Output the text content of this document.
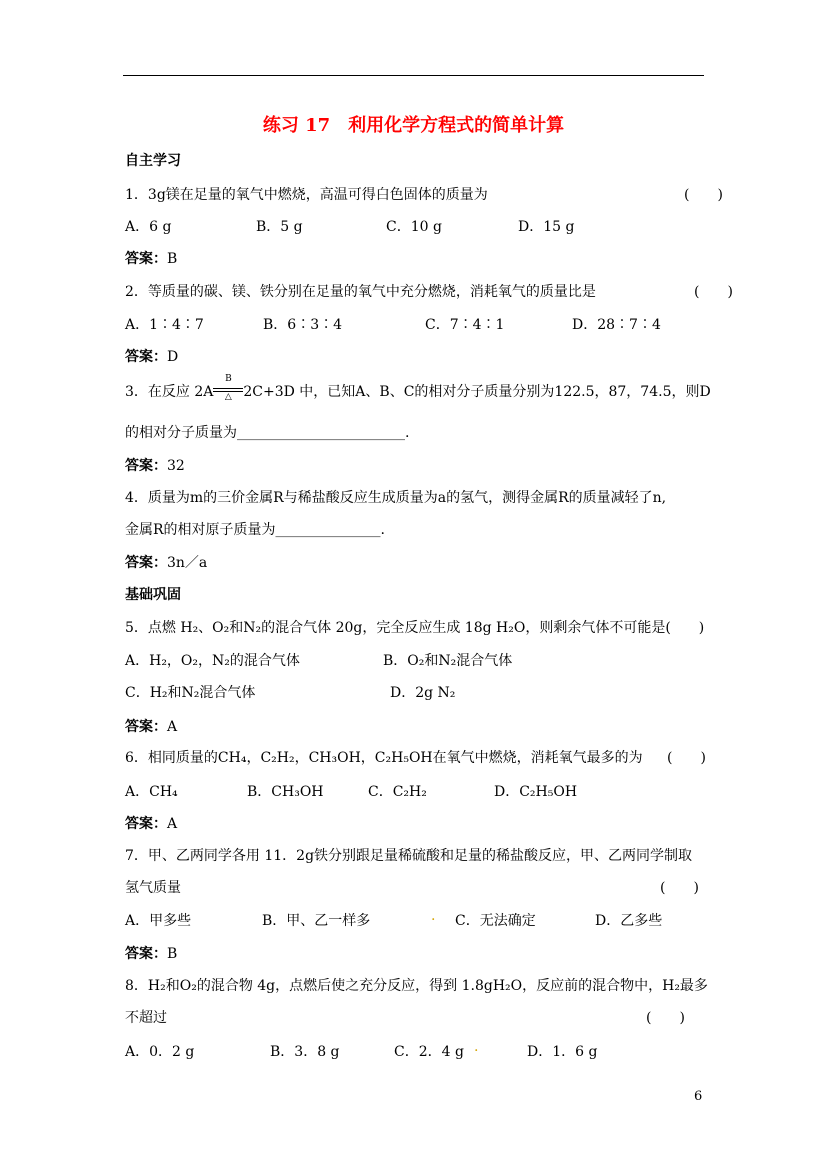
练习 17　利用化学方程式的简单计算
自主学习
1．3g镁在足量的氧气中燃烧，高温可得白色固体的质量为	(　　)
A．6 g	B．5 g	C．10 g	D．15 g
答案：B
2．等质量的碳、镁、铁分别在足量的氧气中充分燃烧，消耗氧气的质量比是	(　　)
A．1∶4∶7	B．6∶3∶4	C．7∶4∶1	D．28∶7∶4
答案：D
3．在反应 2A
B
△ 2C+3D 中，已知A、B、C的相对分子质量分别为122.5，87，74.5，则D
的相对分子质量为________________________.
答案：32
4．质量为m的三价金属R与稀盐酸反应生成质量为a的氢气，测得金属R的质量减轻了n,
金属R的相对原子质量为_______________.
答案：3n／a
基础巩固
5．点燃 H₂、O₂和N₂的混合气体 20g，完全反应生成 18g H₂O，则剩余气体不可能是(　　)
A．H₂，O₂，N₂的混合气体	B．O₂和N₂混合气体
C．H₂和N₂混合气体	D．2g N₂
答案：A
6．相同质量的CH₄，C₂H₂，CH₃OH，C₂H₅OH在氧气中燃烧，消耗氧气最多的为 (　　)
A．CH₄	B．CH₃OH	C．C₂H₂	D．C₂H₅OH
答案：A
7．甲、乙两同学各用 11．2g铁分别跟足量稀硫酸和足量的稀盐酸反应，甲、乙两同学制取
氢气质量	(　　)
A．甲多些	B．甲、乙一样多	. C．无法确定	D．乙多些
答案：B
8．H₂和O₂的混合物 4g，点燃后使之充分反应，得到 1.8gH₂O，反应前的混合物中，H₂最多
不超过	(　　)
A．0．2 g	B．3．8 g	C．2．4 g .	D．1．6 g
6
